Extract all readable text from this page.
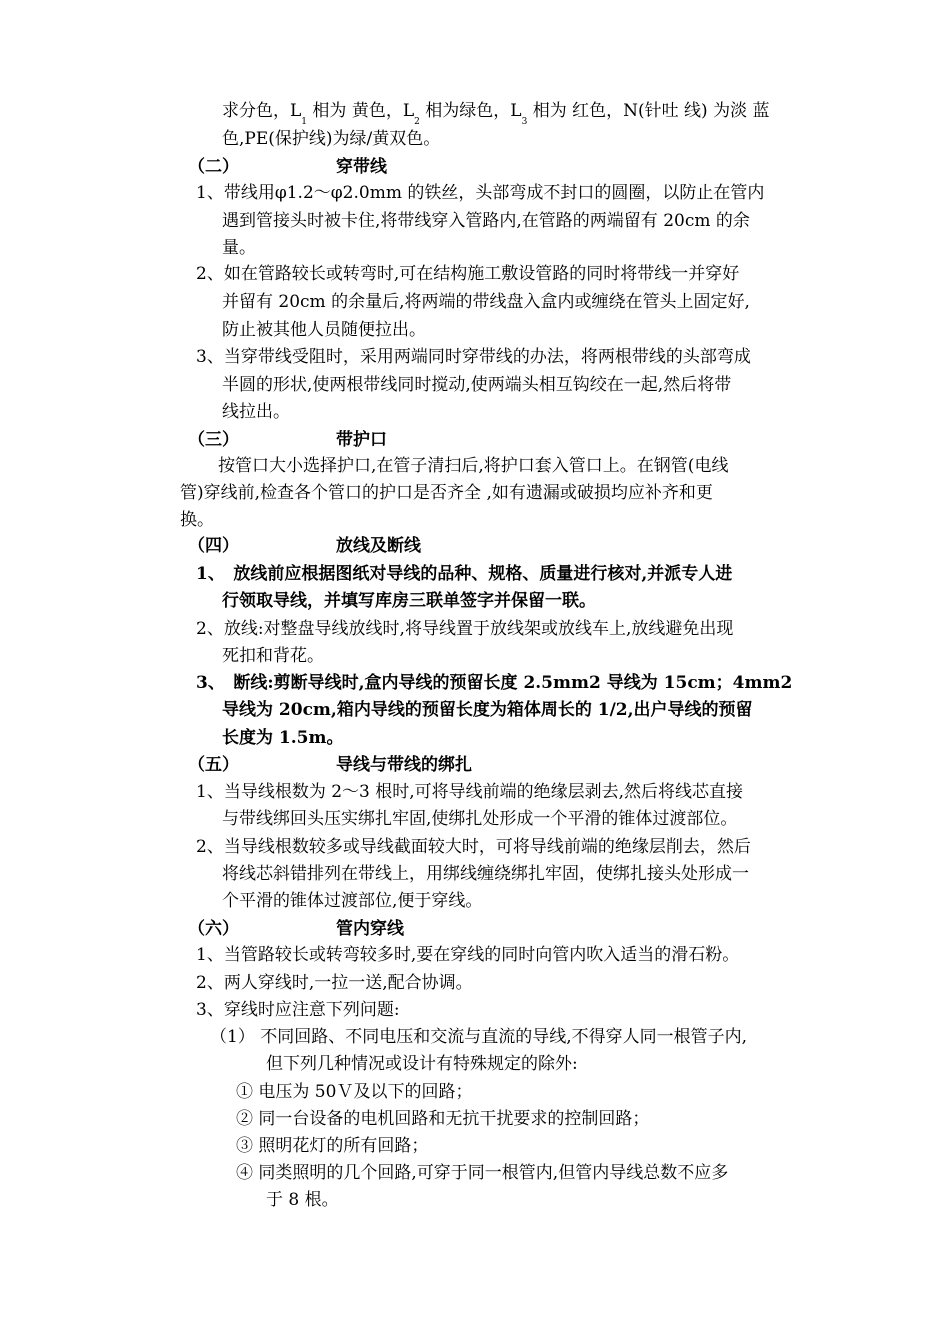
求分色，$L_1$ 相为 黄色，$L_2$ 相为绿色，$L_3$ 相为 红色，N(针吐 线) 为淡 蓝
色,PE(保护线)为绿/黄双色。
（二）	穿带线
1、带线用φ1.2～φ2.0mm 的铁丝，头部弯成不封口的圆圈，以防止在管内
遇到管接头时被卡住,将带线穿入管路内,在管路的两端留有 20cm 的余
量。
2、如在管路较长或转弯时,可在结构施工敷设管路的同时将带线一并穿好
并留有 20cm 的余量后,将两端的带线盘入盒内或缠绕在管头上固定好,
防止被其他人员随便拉出。
3、当穿带线受阻时，采用两端同时穿带线的办法，将两根带线的头部弯成
半圆的形状,使两根带线同时搅动,使两端头相互钩绞在一起,然后将带
线拉出。
（三）	带护口
按管口大小选择护口,在管子清扫后,将护口套入管口上。在钢管(电线
管)穿线前,检查各个管口的护口是否齐全 ,如有遗漏或破损均应补齐和更
换。
（四）	放线及断线
1、　放线前应根据图纸对导线的品种、规格、质量进行核对,并派专人进
行领取导线，并填写库房三联单签字并保留一联。
2、放线:对整盘导线放线时,将导线置于放线架或放线车上,放线避免出现
死扣和背花。
3、　断线:剪断导线时,盒内导线的预留长度 2.5mm2 导线为 15cm；4mm2
导线为 20cm,箱内导线的预留长度为箱体周长的 1/2,出户导线的预留
长度为 1.5m。
（五）	导线与带线的绑扎
1、当导线根数为 2～3 根时,可将导线前端的绝缘层剥去,然后将线芯直接
与带线绑回头压实绑扎牢固,使绑扎处形成一个平滑的锥体过渡部位。
2、当导线根数较多或导线截面较大时，可将导线前端的绝缘层削去，然后
将线芯斜错排列在带线上，用绑线缠绕绑扎牢固，使绑扎接头处形成一
个平滑的锥体过渡部位,便于穿线。
（六）	管内穿线
1、当管路较长或转弯较多时,要在穿线的同时向管内吹入适当的滑石粉。
2、两人穿线时,一拉一送,配合协调。
3、穿线时应注意下列问题:
（1） 不同回路、不同电压和交流与直流的导线,不得穿人同一根管子内,
但下列几种情况或设计有特殊规定的除外:
① 电压为 50Ｖ及以下的回路；
② 同一台设备的电机回路和无抗干扰要求的控制回路；
③ 照明花灯的所有回路；
④ 同类照明的几个回路,可穿于同一根管内,但管内导线总数不应多
于 8 根。
